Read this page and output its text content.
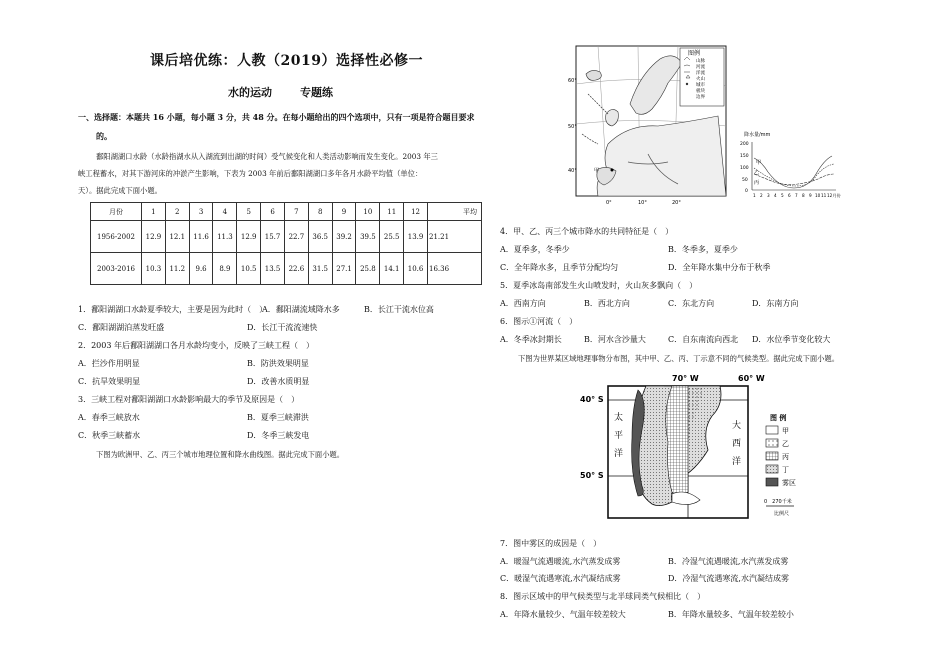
课后培优练：人教（2019）选择性必修一
水的运动	专题练
一、选择题：本题共 16 小题，每小题 3 分，共 48 分。在每小题给出的四个选项中，只有一项是符合题目要求
的。
鄱阳湖湖口水龄（水龄指湖水从入湖流到出湖的时间）受气候变化和人类活动影响而发生变化。2003 年三
峡工程蓄水，对其下游河床的冲淤产生影响，下表为 2003 年前后鄱阳湖湖口多年各月水龄平均值（单位：
天）。据此完成下面小题。
月份	1	2	3	4	5	6	7	8	9	10	11	12	平均
1956-2002	12.9	12.1	11.6	11.3	12.9	15.7	22.7	36.5	39.2	39.5	25.5	13.9	21.21
2003-2016	10.3	11.2	9.6	8.9	10.5	13.5	22.6	31.5	27.1	25.8	14.1	10.6	16.36
1．鄱阳湖湖口水龄夏季较大，主要是因为此时（　）
A．鄱阳湖流域降水多	B．长江干流水位高
C．鄱阳湖湖泊蒸发旺盛	D．长江干流流速快
2．2003 年后鄱阳湖湖口各月水龄均变小，反映了三峡工程（　）
A．拦沙作用明显	B．防洪效果明显
C．抗旱效果明显	D．改善水质明显
3．三峡工程对鄱阳湖湖口水龄影响最大的季节及原因是（　）
A．春季三峡放水	B．夏季三峡滞洪
C．秋季三峡蓄水	D．冬季三峡发电
下图为欧洲甲、乙、丙三个城市地理位置和降水曲线图。据此完成下面小题。
图例
山脉
河流
洋流
火山
城市
板块
边界
60°
50°
40°
0°	10°	20°
甲
降水量/mm
200
150
100
50
0
甲
乙
丙
1 2 3 4 5 6 7 8 9 10 11 12月份
4．甲、乙、丙三个城市降水的共同特征是（　）
A．夏季多，冬季少	B．冬季多，夏季少
C．全年降水多，且季节分配均匀	D．全年降水集中分布于秋季
5．夏季冰岛南部发生火山喷发时，火山灰多飘向（　）
A．西南方向	B．西北方向	C．东北方向	D．东南方向
6．图示①河流（　）
A．冬季冰封期长	B．河水含沙量大	C．自东南流向西北 D．水位季节变化较大
下图为世界某区域地理事物分布图，其中甲、乙、丙、丁示意不同的气候类型。据此完成下面小题。
70° W	60° W
40° S
50° S
太
平
洋
大
西
洋
图 例
甲
乙
丙
丁
雾区
0　270千米
比例尺
7．图中雾区的成因是（　）
A．暖湿气流遇暖流,水汽蒸发成雾	B．冷湿气流遇暖流,水汽蒸发成雾
C．暖湿气流遇寒流,水汽凝结成雾	D．冷湿气流遇寒流,水汽凝结成雾
8．图示区域中的甲气候类型与北半球同类气候相比（　）
A．年降水量较少、气温年较差较大	B．年降水量较多、气温年较差较小
